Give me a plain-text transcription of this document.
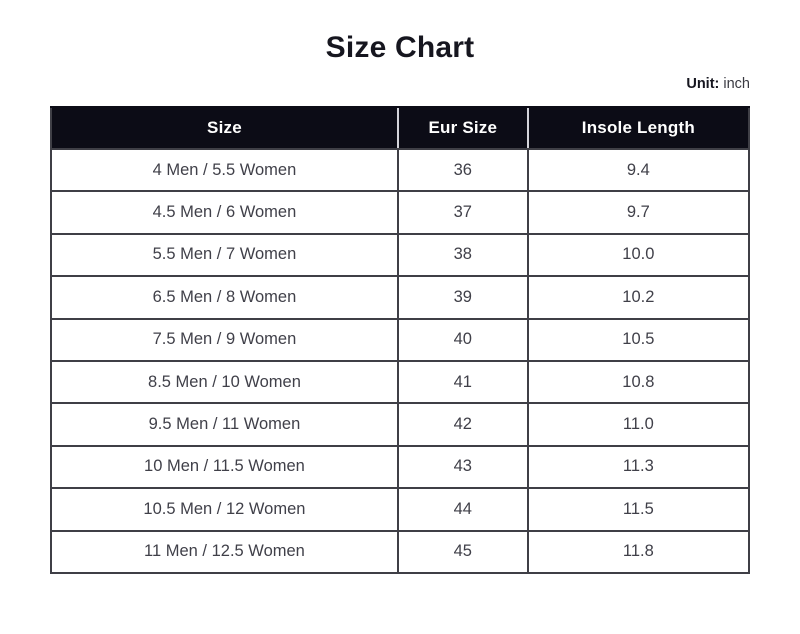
Size Chart
Unit: inch
Size	Eur Size	Insole Length
4 Men / 5.5 Women	36	9.4
4.5 Men / 6 Women	37	9.7
5.5 Men / 7 Women	38	10.0
6.5 Men / 8 Women	39	10.2
7.5 Men / 9 Women	40	10.5
8.5 Men / 10 Women	41	10.8
9.5 Men / 11 Women	42	11.0
10 Men / 11.5 Women	43	11.3
10.5 Men / 12 Women	44	11.5
11 Men / 12.5 Women	45	11.8
